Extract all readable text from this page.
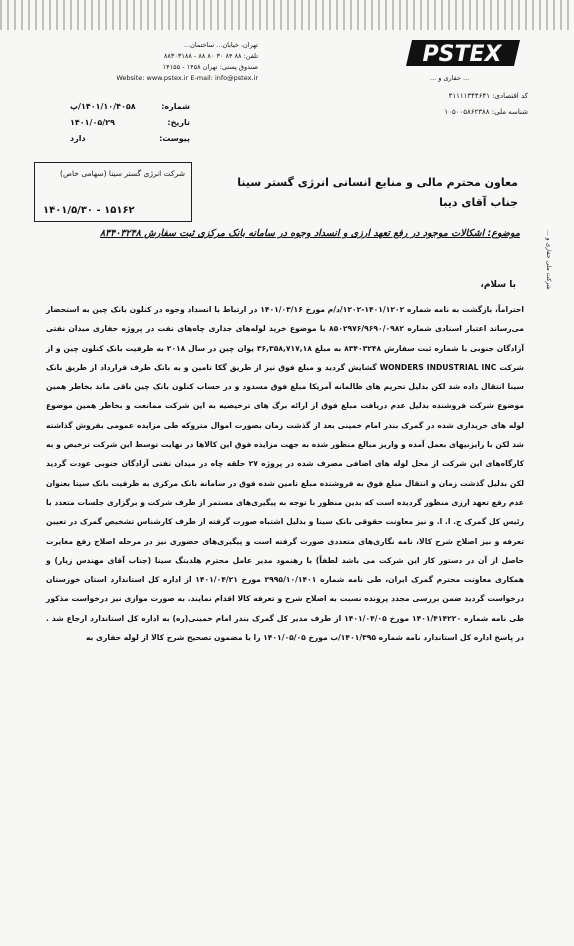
تهران، خیابان... ساختمان...
تلفن: ۸۸ ۸۴ ۳۰ ۸۰ ۸۸ - ۸۸۳۰۳۱۸۸
صندوق پستی: تهران ۱۴۵۸ - ۱۴۱۵۵
Website: www.pstex.ir E-mail: info@pstex.ir
PSTEX
... حفاری و ...
کد اقتصادی: ۴۱۱۱۱۳۴۴۶۴۱
شناسه ملی: ۱۰۵۰۰۵۸۶۲۳۸۸
شرکت ملی حفاری و ...
شماره:
۱۴۰۱/۱۰/۴۰۵۸/پ
تاریخ:
۱۴۰۱/۰۵/۲۹
پیوست:
دارد
شرکت انرژی گستر سینا (سهامی خاص)
۱۴۰۱/۵/۳۰ - ۱۵۱۶۲
معاون محترم مالی و منابع انسانی انرژی گستر سینا
جناب آقای دیبا
موضوع: اشکالات موجود در رفع تعهد ارزی و انسداد وجوه در سامانه بانک مرکزی ثبت سفارش ۸۳۴۰۳۲۴۸
با سلام،

احتراماً، بازگشت به نامه شماره ۱۴۰۱/۱۲۰۲-۱۲۰۲/د/م مورخ ۱۴۰۱/۰۳/۱۶ در ارتباط با انسداد وجوه در کنلون بانک چین به استحضار می‌رساند اعتبار اسنادی شماره ۸۵۰۲۹۷۶/۹۶۹۰/۰۹۸۲ با موضوع خرید لوله‌های جداری چاه‌های نفت در پروژه حفاری میدان نفتی آزادگان جنوبی با شماره ثبت سفارش ۸۳۴۰۳۲۴۸ به مبلغ ۳۶,۳۵۸,۷۱۷,۱۸ یوان چین در سال ۲۰۱۸ به ظرفیت بانک کنلون چین و از شرکت WONDERS INDUSTRIAL INC گشایش گردید و مبلغ فوق نیز از طریق گکا تامین و به بانک طرف قرارداد از طریق بانک سینا انتقال داده شد لکن بدلیل تحریم های ظالمانه آمریکا مبلغ فوق مسدود و در حساب کنلون بانک چین باقی ماند بخاطر همین موضوع شرکت فروشنده بدلیل عدم دریافت مبلغ فوق از ارائه برگ های ترخیصیه به این شرکت ممانعت و بخاطر همین موضوع لوله های خریداری شده در گمرک بندر امام خمینی بعد از گذشت زمان بصورت اموال متروکه طی مزایده عمومی بفروش گذاشته شد لکن با رایزنیهای بعمل آمده و واریز مبالغ منظور شده به جهت مزایده فوق این کالاها در نهایت توسط این شرکت ترخیص و به کارگاه‌های این شرکت از محل لوله های اضافی مصرف شده در پروژه ۲۷ حلقه چاه در میدان نفتی آزادگان جنوبی عودت گردید لکن بدلیل گذشت زمان و انتقال مبلغ فوق به فروشنده مبلغ تامین شده فوق در سامانه بانک مرکزی به ظرفیت بانک سینا بعنوان عدم رفع تعهد ارزی منظور گردیده است که بدین منظور با توجه به پیگیری‌های مستمر از طرف شرکت و برگزاری جلسات متعدد با رئیس کل گمرک ج. ا. ا. و نیز معاونت حقوقی بانک سینا و بدلیل اشتباه صورت گرفته از طرف کارشناس تشخیص گمرک در تعیین تعرفه و نیز اصلاح شرح کالا، نامه نگاری‌های متعددی صورت گرفته است و پیگیری‌های حضوری نیز در مرحله اصلاح رفع مغایرت حاصل از آن در دستور کار این شرکت می باشد لطفاً) با رهنمود مدیر عامل محترم هلدینگ سینا (جناب آقای مهندس زیار) و همکاری معاونت محترم گمرک ایران، طی نامه شماره ۲۹۹۵/۱۰/۱۴۰۱ مورخ ۱۴۰۱/۰۴/۲۱ از اداره کل استاندارد استان خوزستان درخواست گردید ضمن بررسی مجدد پرونده نسبت به اصلاح شرح و تعرفه کالا اقدام نمایند. به صورت موازی نیز درخواست مذکور طی نامه شماره ۱۴۰۱/۴۱۴۲۲۰ مورخ ۱۴۰۱/۰۴/۰۵ از طرف مدیر کل گمرک بندر امام خمینی(ره) به اداره کل استاندارد ارجاع شد . در پاسخ اداره کل استاندارد نامه شماره ۱۴۰۱/۳۹۵/ب مورخ ۱۴۰۱/۰۵/۰۵ را با مضمون تصحیح شرح کالا از لوله حفاری به
